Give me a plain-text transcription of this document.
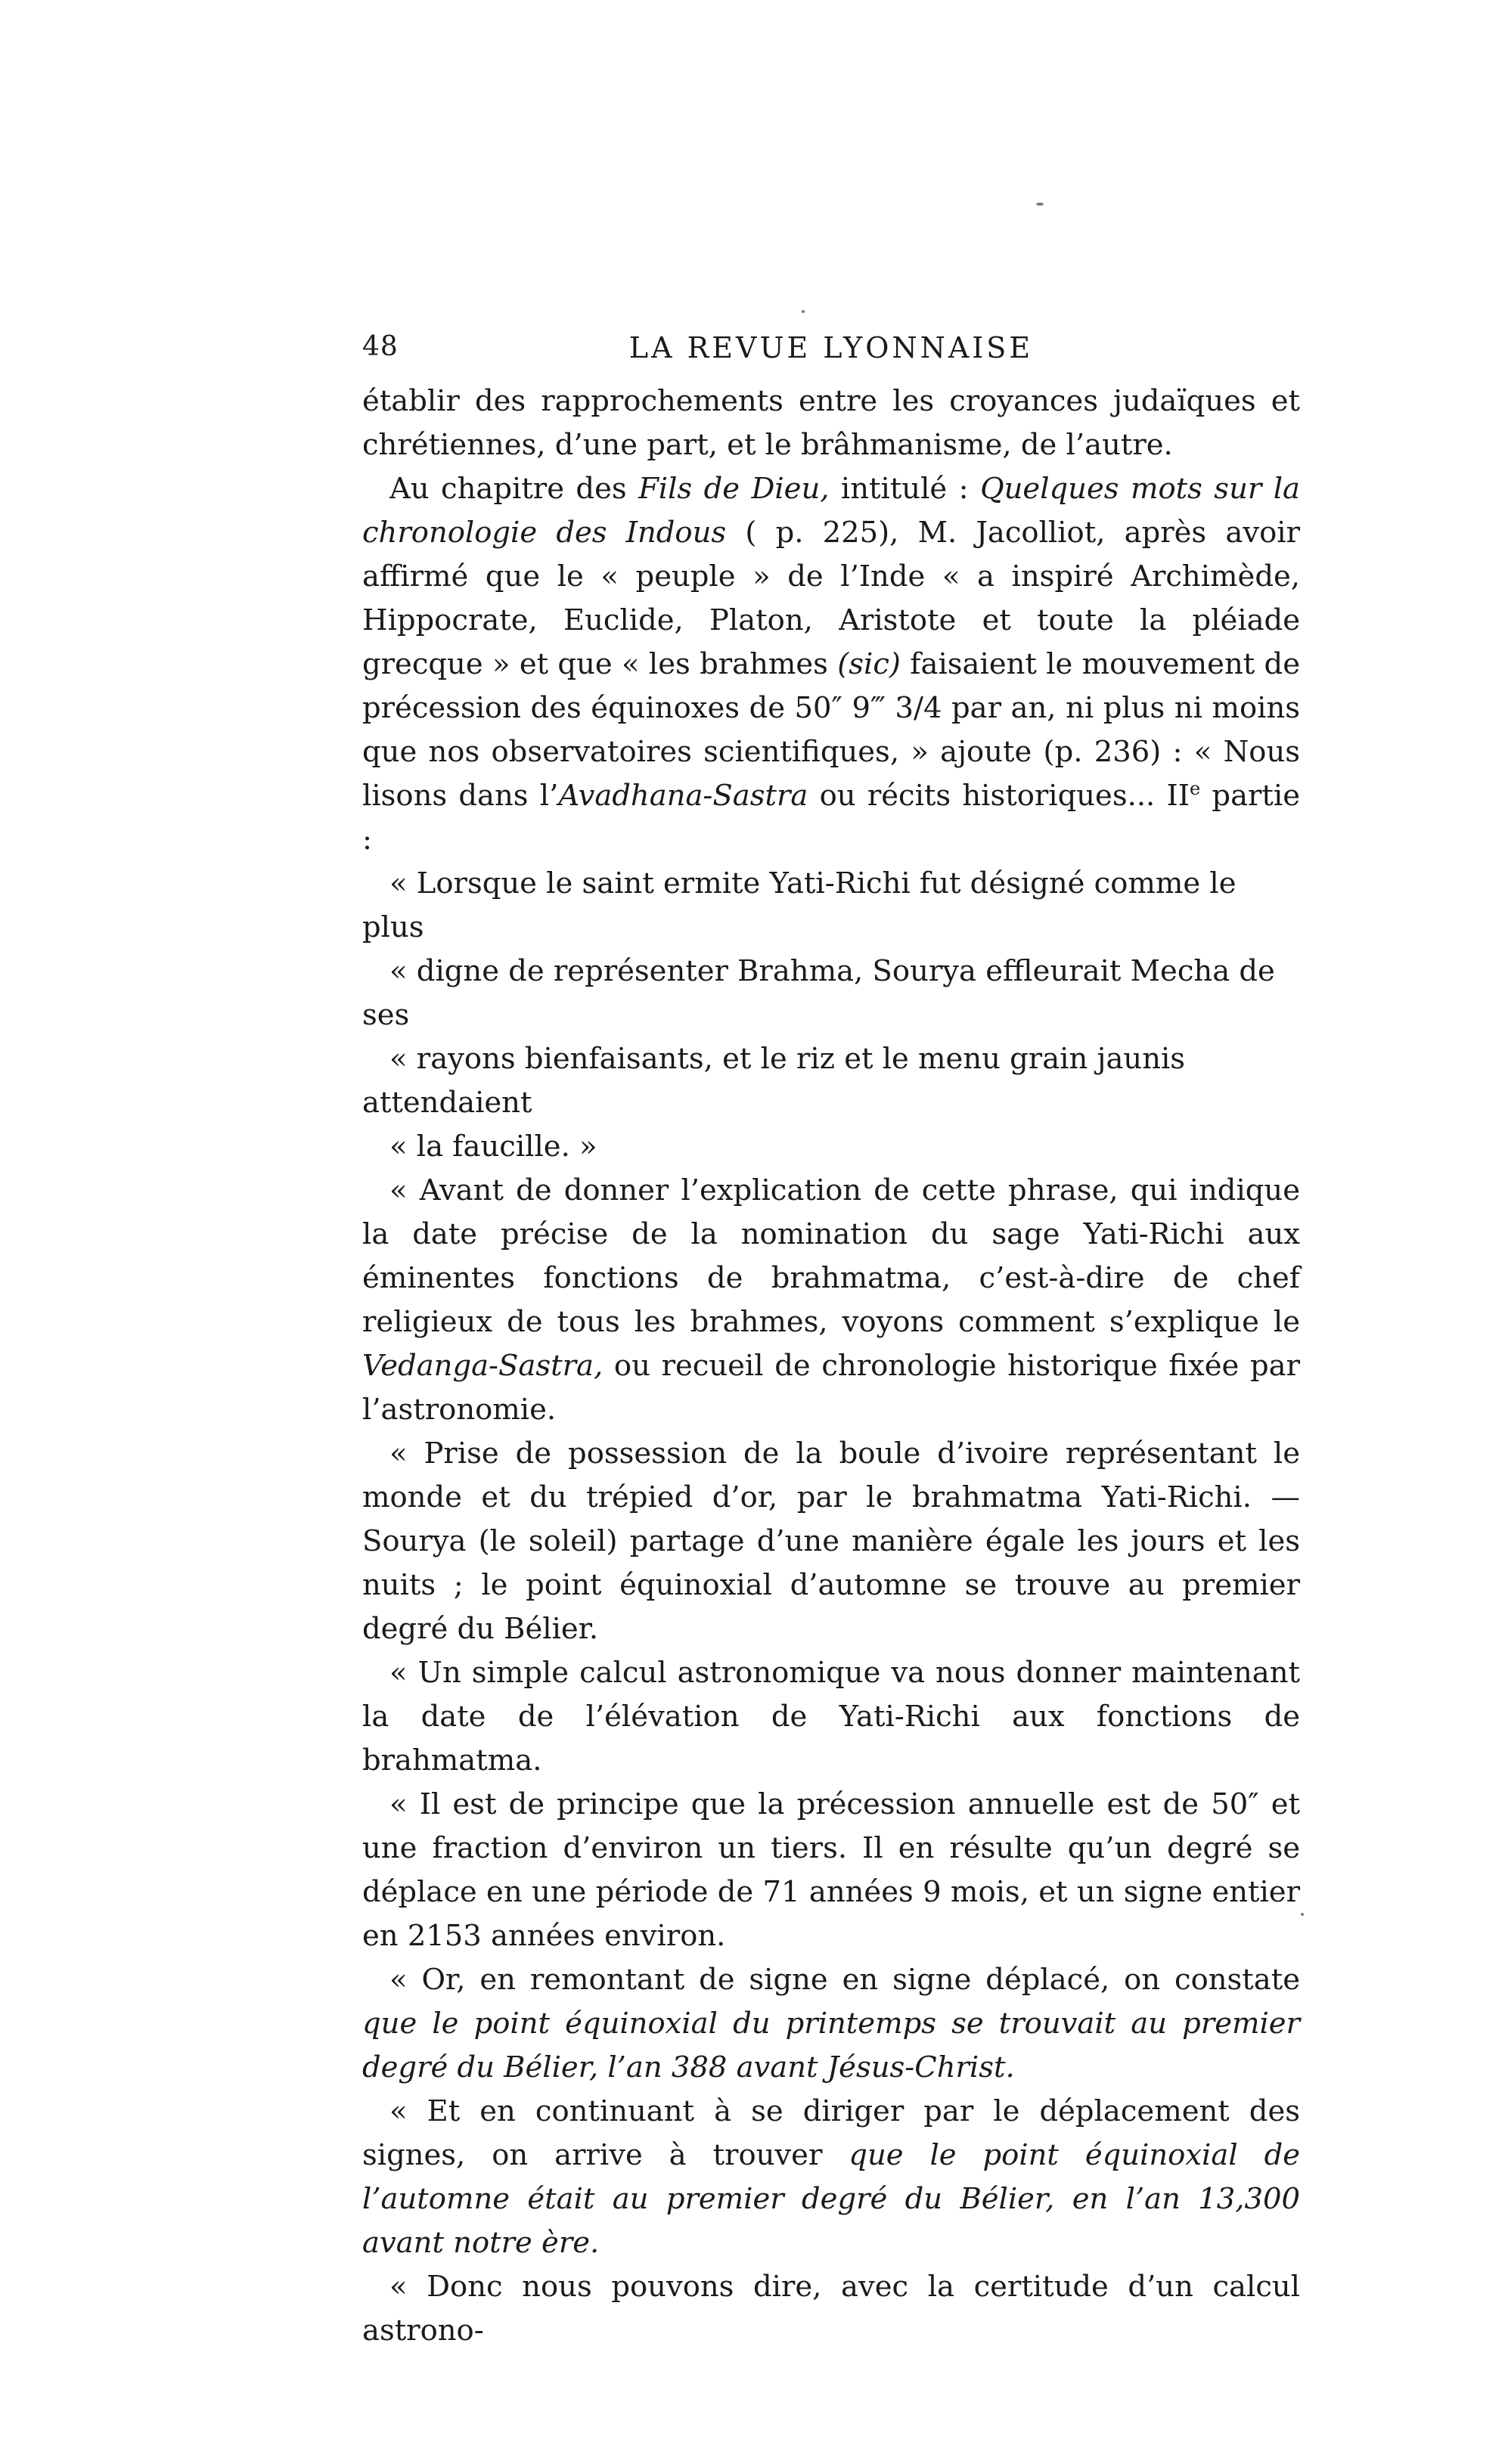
48	LA REVUE LYONNAISE

établir des rapprochements entre les croyances judaïques et chrétiennes, d’une part, et le brâhmanisme, de l’autre.

Au chapitre des Fils de Dieu, intitulé : Quelques mots sur la chronologie des Indous ( p. 225), M. Jacolliot, après avoir affirmé que le « peuple » de l’Inde « a inspiré Archimède, Hippocrate, Euclide, Platon, Aristote et toute la pléiade grecque » et que « les brahmes (sic) faisaient le mouvement de précession des équinoxes de 50″ 9‴ 3/4 par an, ni plus ni moins que nos observatoires scientifiques, » ajoute (p. 236) : « Nous lisons dans l’Avadhana-Sastra ou récits historiques... IIe partie :

« Lorsque le saint ermite Yati-Richi fut désigné comme le plus

« digne de représenter Brahma, Sourya effleurait Mecha de ses

« rayons bienfaisants, et le riz et le menu grain jaunis attendaient

« la faucille. »

« Avant de donner l’explication de cette phrase, qui indique la date précise de la nomination du sage Yati-Richi aux éminentes fonctions de brahmatma, c’est-à-dire de chef religieux de tous les brahmes, voyons comment s’explique le Vedanga-Sastra, ou recueil de chronologie historique fixée par l’astronomie.

« Prise de possession de la boule d’ivoire représentant le monde et du trépied d’or, par le brahmatma Yati-Richi. — Sourya (le soleil) partage d’une manière égale les jours et les nuits ; le point équinoxial d’automne se trouve au premier degré du Bélier.

« Un simple calcul astronomique va nous donner maintenant la date de l’élévation de Yati-Richi aux fonctions de brahmatma.

« Il est de principe que la précession annuelle est de 50″ et une fraction d’environ un tiers. Il en résulte qu’un degré se déplace en une période de 71 années 9 mois, et un signe entier en 2153 années environ.

« Or, en remontant de signe en signe déplacé, on constate que le point équinoxial du printemps se trouvait au premier degré du Bélier, l’an 388 avant Jésus-Christ.

« Et en continuant à se diriger par le déplacement des signes, on arrive à trouver que le point équinoxial de l’automne était au premier degré du Bélier, en l’an 13,300 avant notre ère.

« Donc nous pouvons dire, avec la certitude d’un calcul astrono-
